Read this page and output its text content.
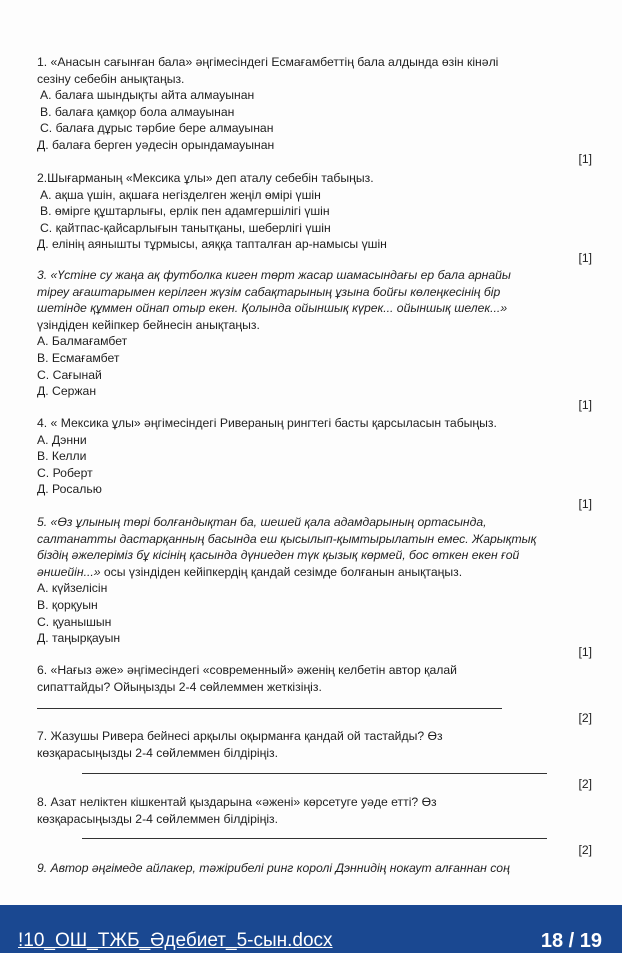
1. «Анасын сағынған бала» әңгімесіндегі Есмағамбеттің бала алдында өзін кінәлі

сезіну себебін анықтаңыз.

А. балаға шындықты айта алмауынан

В. балаға қамқор бола алмауынан

С. балаға дұрыс тәрбие бере алмауынан

Д. балаға берген уәдесін орындамауынан

[1]

2.Шығарманың «Мексика ұлы» деп аталу себебін табыңыз.

А. ақша үшін, ақшаға негізделген жеңіл өмірі үшін

В. өмірге құштарлығы, ерлік пен адамгершілігі үшін

С. қайтпас-қайсарлығын танытқаны, шеберлігі үшін

Д. елінің аянышты тұрмысы, аяққа тапталған ар-намысы үшін

[1]

3. «Үстіне су жаңа ақ футболка киген төрт жасар шамасындағы ер бала арнайы

тіреу ағаштарымен керілген жүзім сабақтарының ұзына бойғы көлеңкесінің бір

шетінде құммен ойнап отыр екен. Қолында ойыншық күрек... ойыншық шелек...»

үзіндіден кейіпкер бейнесін анықтаңыз.

А. Балмағамбет

В. Есмағамбет

С. Сағынай

Д. Сержан

[1]

4. « Мексика ұлы» әңгімесіндегі Ривераның рингтегі басты қарсыласын табыңыз.

А. Дэнни

В. Келли

С. Роберт

Д. Росалью

[1]

5. «Өз ұлының төрі болғандықтан ба, шешей қала адамдарының ортасында,

салтанатты дастарқанның басында еш қысылып-қымтырылатын емес. Жарықтық

біздің әжелеріміз бұ кісінің қасында дүниеден түк қызық көрмей, бос өткен екен ғой

әншейін...» осы үзіндіден кейіпкердің қандай сезімде болғанын анықтаңыз.

А. күйзелісін

В. қорқуын

С. қуанышын

Д. таңырқауын

[1]

6. «Нағыз әже» әңгімесіндегі «современный» әженің келбетін автор қалай

сипаттайды? Ойыңызды 2-4 сөйлеммен жеткізіңіз.

[2]

7. Жазушы Ривера бейнесі арқылы оқырманға қандай ой тастайды? Өз

көзқарасыңызды 2-4 сөйлеммен білдіріңіз.

[2]

8. Азат неліктен кішкентай қыздарына «әжені» көрсетуге уәде етті? Өз

көзқарасыңызды 2-4 сөйлеммен білдіріңіз.

[2]

9. Автор әңгімеде айлакер, тәжірибелі ринг королі Дэннидің нокаут алғаннан соң

!10_ОШ_ТЖБ_Әдебиет_5-сын.docx	18 / 19
